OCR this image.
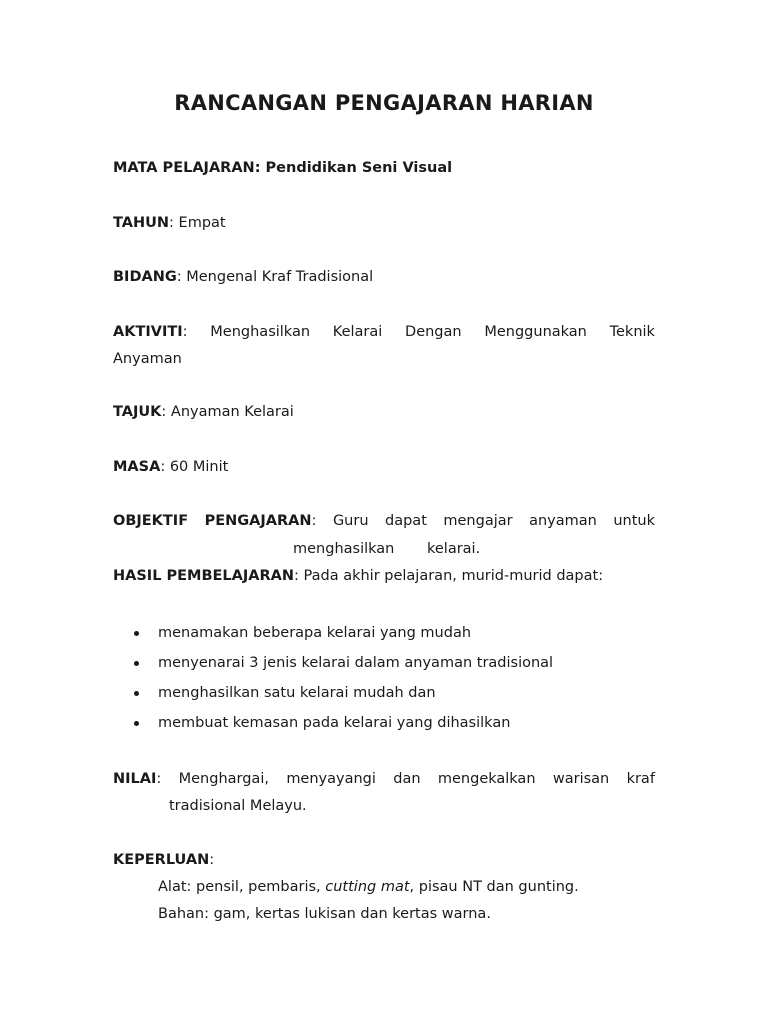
RANCANGAN PENGAJARAN HARIAN
MATA PELAJARAN: Pendidikan Seni Visual
TAHUN: Empat
BIDANG: Mengenal Kraf Tradisional
AKTIVITI: Menghasilkan Kelarai Dengan Menggunakan Teknik
Anyaman
TAJUK: Anyaman Kelarai
MASA: 60 Minit
OBJEKTIF PENGAJARAN: Guru dapat mengajar anyaman untuk
menghasilkan kelarai.
HASIL PEMBELAJARAN: Pada akhir pelajaran, murid-murid dapat:
menamakan beberapa kelarai yang mudah
menyenarai 3 jenis kelarai dalam anyaman tradisional
menghasilkan satu kelarai mudah dan
membuat kemasan pada kelarai yang dihasilkan
NILAI: Menghargai, menyayangi dan mengekalkan warisan kraf
tradisional Melayu.
KEPERLUAN:
Alat: pensil, pembaris, cutting mat, pisau NT dan gunting.
Bahan: gam, kertas lukisan dan kertas warna.
